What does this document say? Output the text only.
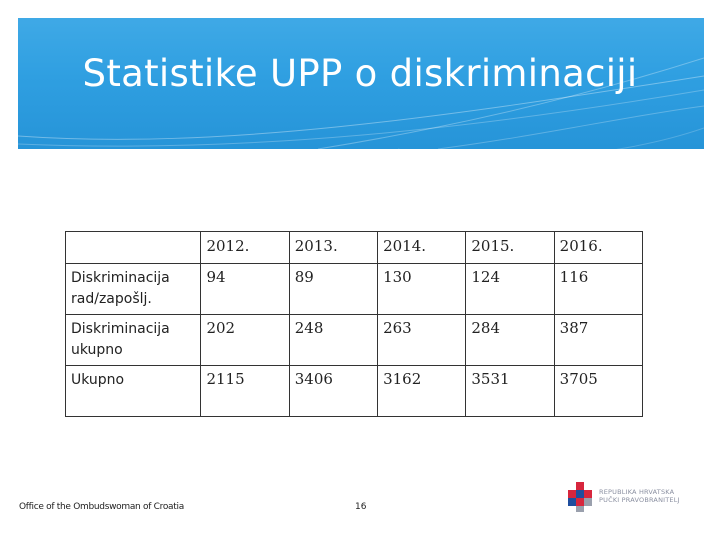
Statistike UPP o diskriminaciji
	2012.	2013.	2014.	2015.	2016.
Diskriminacija rad/zapošlj.	94	89	130	124	116
Diskriminacija ukupno	202	248	263	284	387
Ukupno	2115	3406	3162	3531	3705
Office of the Ombudswoman of Croatia	16
REPUBLIKA HRVATSKA
PUČKI PRAVOBRANITELJ
